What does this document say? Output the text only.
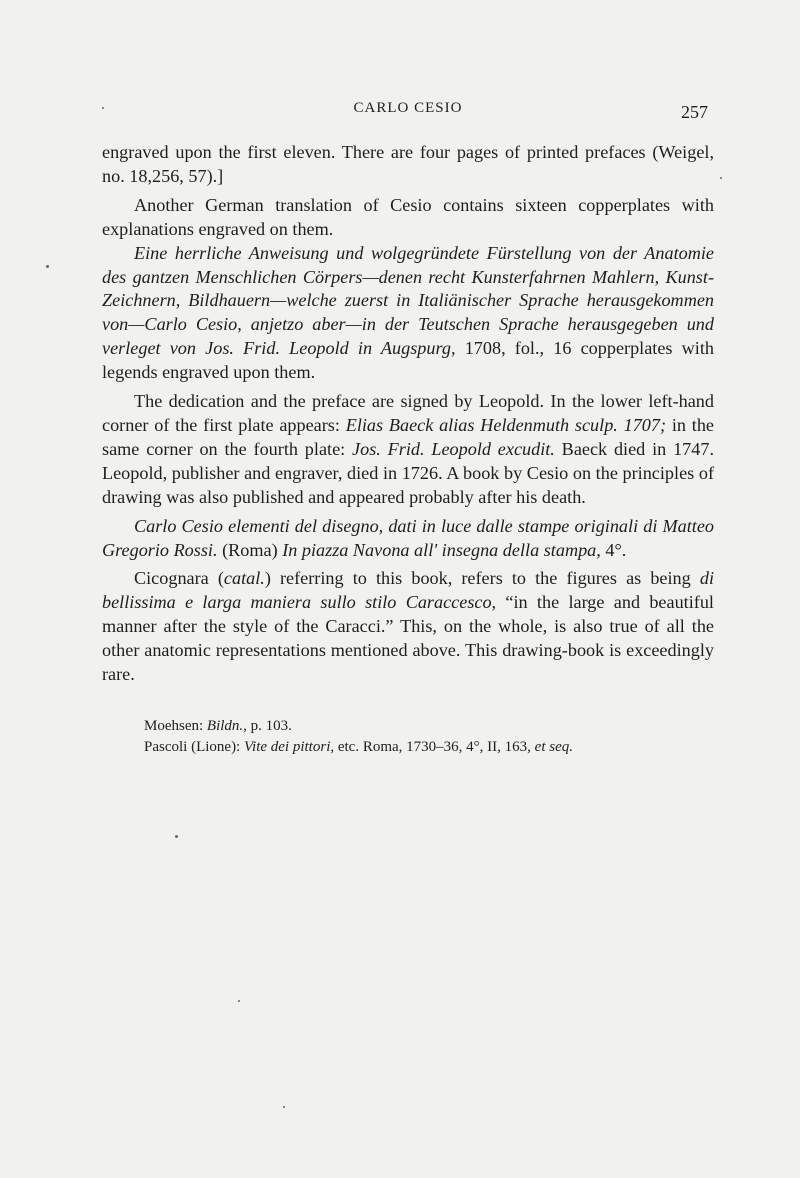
CARLO CESIO	257

engraved upon the first eleven. There are four pages of printed prefaces (Weigel, no. 18,256, 57).]

Another German translation of Cesio contains sixteen copperplates with explanations engraved on them.

Eine herrliche Anweisung und wolgegründete Fürstellung von der Anatomie des gantzen Menschlichen Cörpers—denen recht Kunsterfahrnen Mahlern, Kunst-Zeichnern, Bildhauern—welche zuerst in Italiänischer Sprache herausgekommen von—Carlo Cesio, anjetzo aber—in der Teutschen Sprache herausgegeben und verleget von Jos. Frid. Leopold in Augspurg, 1708, fol., 16 copperplates with legends engraved upon them.

The dedication and the preface are signed by Leopold. In the lower left-hand corner of the first plate appears: Elias Baeck alias Heldenmuth sculp. 1707; in the same corner on the fourth plate: Jos. Frid. Leopold excudit. Baeck died in 1747. Leopold, publisher and engraver, died in 1726. A book by Cesio on the principles of drawing was also published and appeared probably after his death.

Carlo Cesio elementi del disegno, dati in luce dalle stampe originali di Matteo Gregorio Rossi. (Roma) In piazza Navona all' insegna della stampa, 4°.

Cicognara (catal.) referring to this book, refers to the figures as being di bellissima e larga maniera sullo stilo Caraccesco, “in the large and beautiful manner after the style of the Caracci.” This, on the whole, is also true of all the other anatomic representations mentioned above. This drawing-book is exceedingly rare.

Moehsen: Bildn., p. 103.

Pascoli (Lione): Vite dei pittori, etc. Roma, 1730–36, 4°, II, 163, et seq.
